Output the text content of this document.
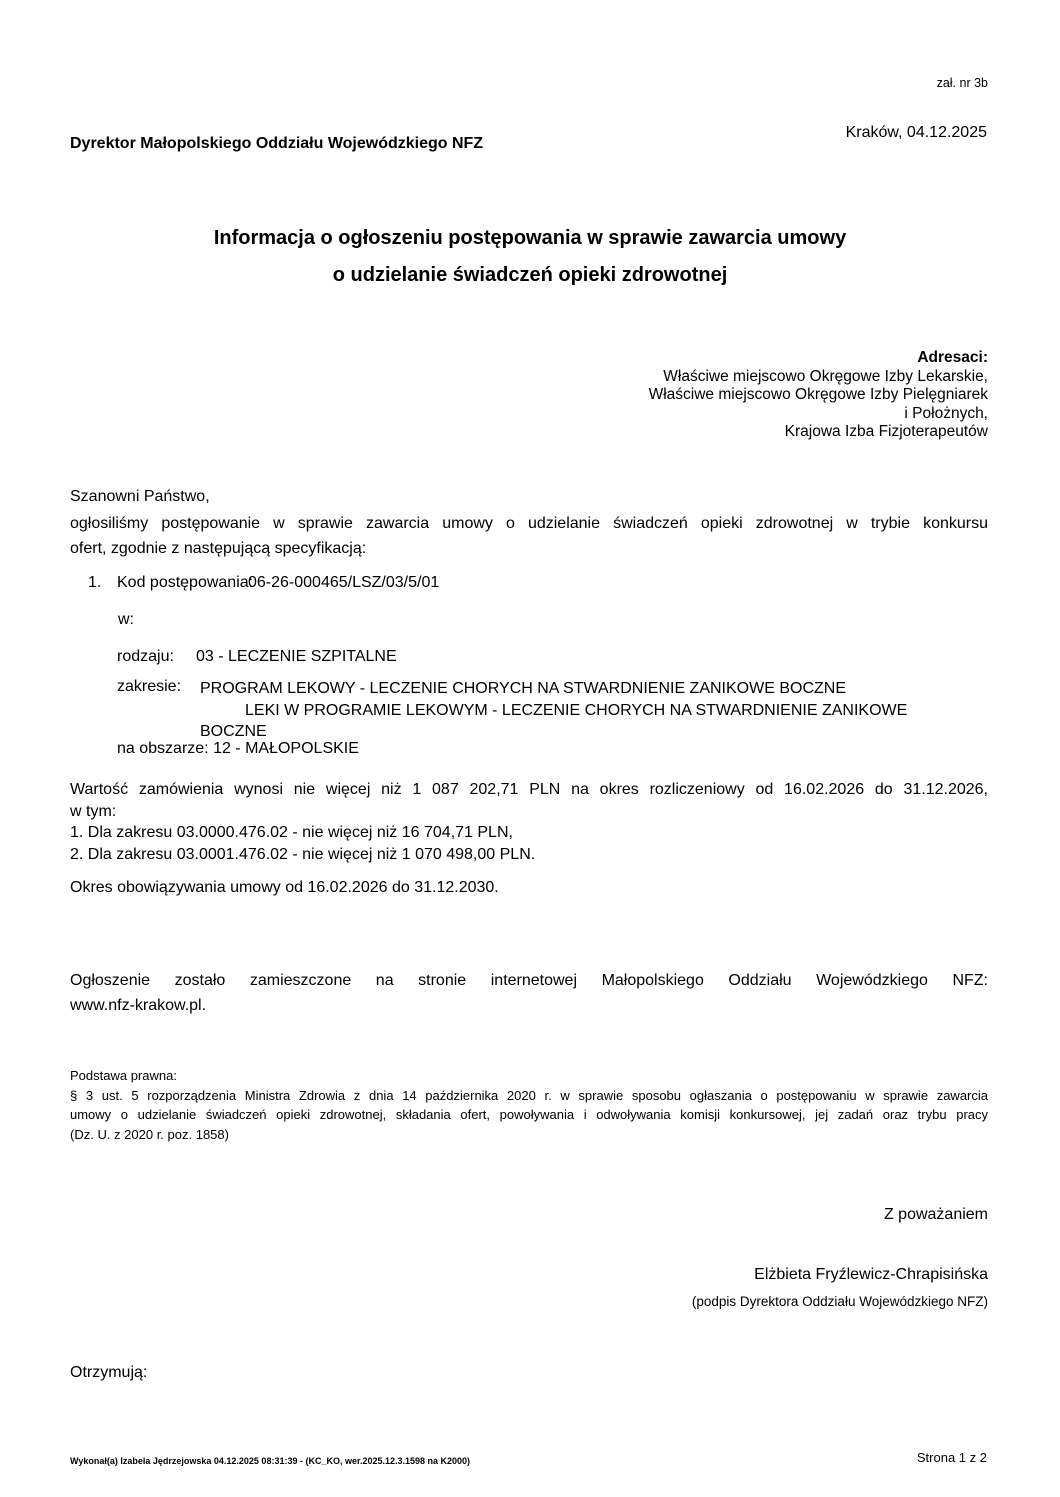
zał. nr 3b
Kraków, 04.12.2025
Dyrektor Małopolskiego Oddziału Wojewódzkiego NFZ
Informacja o ogłoszeniu postępowania w sprawie zawarcia umowy
o udzielanie świadczeń opieki zdrowotnej
Adresaci:
Właściwe miejscowo Okręgowe Izby Lekarskie,
Właściwe miejscowo Okręgowe Izby Pielęgniarek
i Położnych,
Krajowa Izba Fizjoterapeutów
Szanowni Państwo,
ogłosiliśmy postępowanie w sprawie zawarcia umowy o udzielanie świadczeń opieki zdrowotnej w trybie konkursu
ofert, zgodnie z następującą specyfikacją:
1. Kod postępowania:
06-26-000465/LSZ/03/5/01
w:
rodzaju: 03 - LECZENIE SZPITALNE
zakresie: PROGRAM LEKOWY - LECZENIE CHORYCH NA STWARDNIENIE ZANIKOWE BOCZNE
LEKI W PROGRAMIE LEKOWYM - LECZENIE CHORYCH NA STWARDNIENIE ZANIKOWE
BOCZNE
na obszarze: 12 - MAŁOPOLSKIE
Wartość zamówienia wynosi nie więcej niż 1 087 202,71 PLN na okres rozliczeniowy od 16.02.2026 do 31.12.2026,
w tym:
1. Dla zakresu 03.0000.476.02 - nie więcej niż 16 704,71 PLN,
2. Dla zakresu 03.0001.476.02 - nie więcej niż 1 070 498,00 PLN.
Okres obowiązywania umowy od 16.02.2026 do 31.12.2030.
Ogłoszenie zostało zamieszczone na stronie internetowej Małopolskiego Oddziału Wojewódzkiego NFZ:
www.nfz-krakow.pl.
Podstawa prawna:
§ 3 ust. 5 rozporządzenia Ministra Zdrowia z dnia 14 października 2020 r. w sprawie sposobu ogłaszania o postępowaniu w sprawie zawarcia
umowy o udzielanie świadczeń opieki zdrowotnej, składania ofert, powoływania i odwoływania komisji konkursowej, jej zadań oraz trybu pracy
(Dz. U. z 2020 r. poz. 1858)
Z poważaniem
Elżbieta Fryźlewicz-Chrapisińska
(podpis Dyrektora Oddziału Wojewódzkiego NFZ)
Otrzymują:
Wykonał(a) Izabela Jędrzejowska 04.12.2025 08:31:39 - (KC_KO, wer.2025.12.3.1598 na K2000)	Strona 1 z 2
